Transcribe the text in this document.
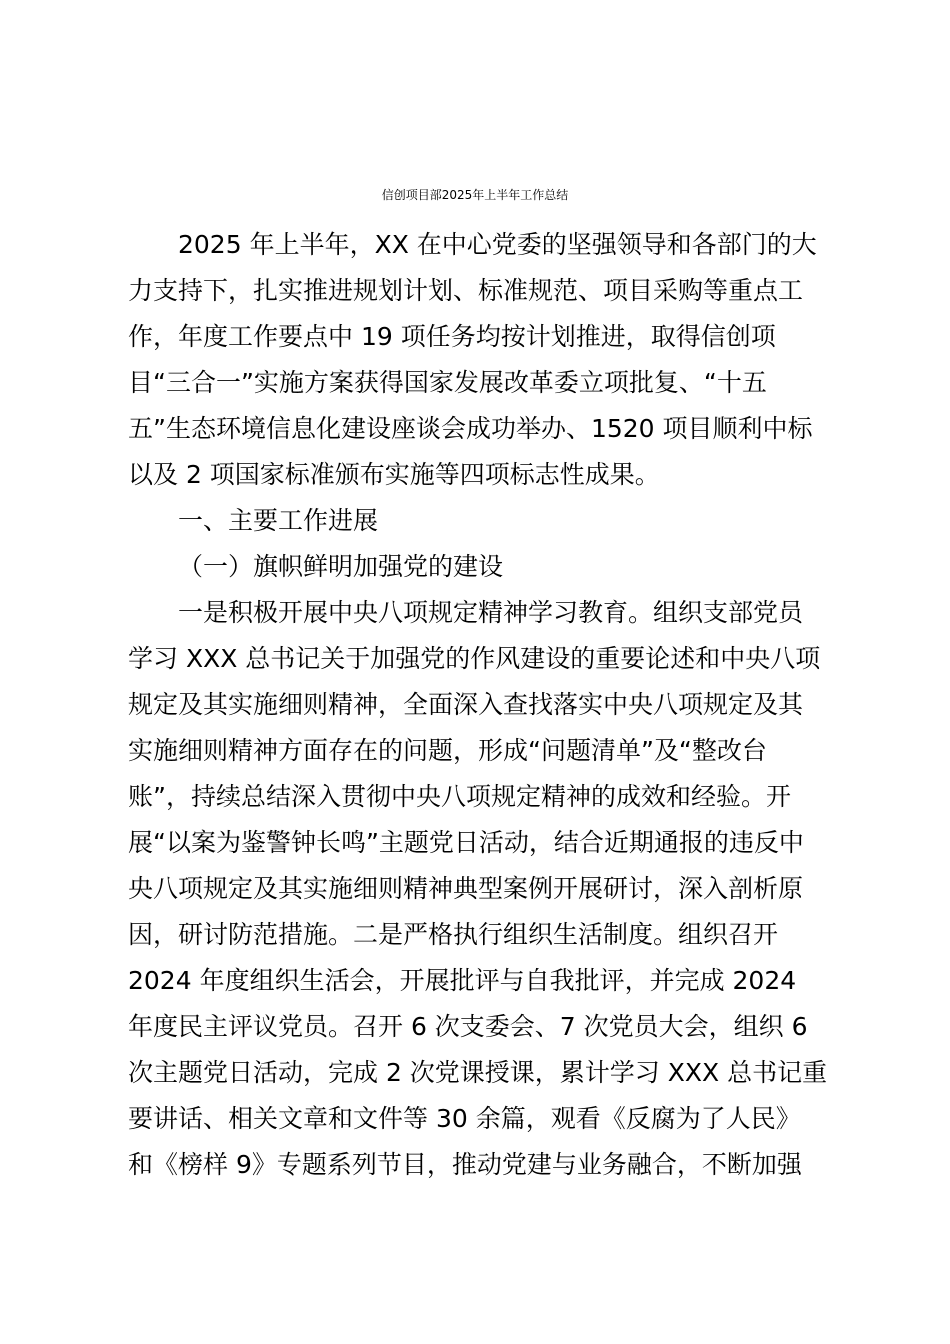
信创项目部2025年上半年工作总结
2025 年上半年，XX 在中心党委的坚强领导和各部门的大
力支持下，扎实推进规划计划、标准规范、项目采购等重点工
作，年度工作要点中 19 项任务均按计划推进，取得信创项
目“三合一”实施方案获得国家发展改革委立项批复、“十五
五”生态环境信息化建设座谈会成功举办、1520 项目顺利中标
以及 2 项国家标准颁布实施等四项标志性成果。
一、主要工作进展
（一）旗帜鲜明加强党的建设
一是积极开展中央八项规定精神学习教育。组织支部党员
学习 XXX 总书记关于加强党的作风建设的重要论述和中央八项
规定及其实施细则精神，全面深入查找落实中央八项规定及其
实施细则精神方面存在的问题，形成“问题清单”及“整改台
账”，持续总结深入贯彻中央八项规定精神的成效和经验。开
展“以案为鉴警钟长鸣”主题党日活动，结合近期通报的违反中
央八项规定及其实施细则精神典型案例开展研讨，深入剖析原
因，研讨防范措施。二是严格执行组织生活制度。组织召开
2024 年度组织生活会，开展批评与自我批评，并完成 2024
年度民主评议党员。召开 6 次支委会、7 次党员大会，组织 6
次主题党日活动，完成 2 次党课授课，累计学习 XXX 总书记重
要讲话、相关文章和文件等 30 余篇，观看《反腐为了人民》
和《榜样 9》专题系列节目，推动党建与业务融合，不断加强
